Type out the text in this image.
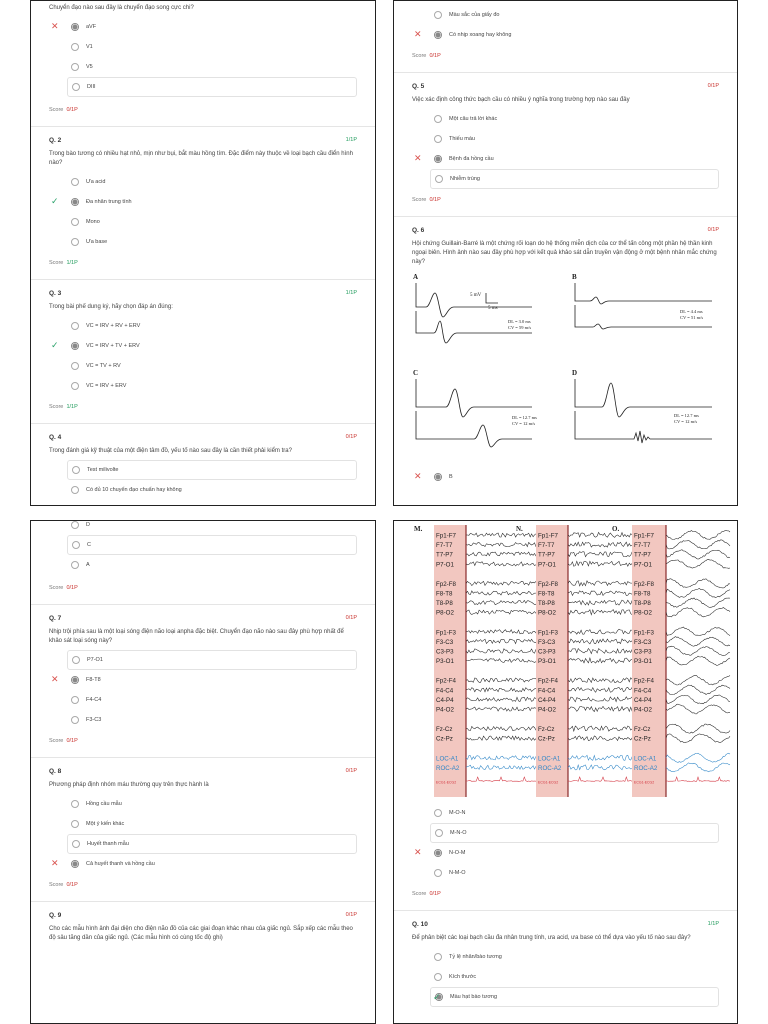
Chuyển đạo nào sau đây là chuyển đạo song cực chi?
✕	aVF
V1
V5
DIII
Score 0/1P
Q. 2	1/1P
Trong bào tương có nhiều hạt nhỏ, mịn như bụi, bắt màu hồng tím. Đặc điểm này thuộc về loại bạch cầu điển hình nào?
Ưa acid
✓	Đa nhân trung tính
Mono
Ưa base
Score 1/1P
Q. 3	1/1P
Trong bài phế dung ký, hãy chọn đáp án đúng:
VC = IRV + RV + ERV
✓	VC = IRV + TV + ERV
VC = TV + RV
VC = IRV + ERV
Score 1/1P
Q. 4	0/1P
Trong đánh giá kỹ thuật của một điện tâm đồ, yếu tố nào sau đây là cần thiết phải kiểm tra?
Test milivolte
Có đủ 10 chuyển đạo chuẩn hay không
Màu sắc của giấy đo
✕	Có nhịp xoang hay không
Score 0/1P
Q. 5	0/1P
Việc xác định công thức bạch cầu có nhiều ý nghĩa trong trường hợp nào sau đây
Một câu trả lời khác
Thiếu máu
✕	Bệnh đa hồng cầu
Nhiễm trùng
Score 0/1P
Q. 6	0/1P
Hội chứng Guillain-Barré là một chứng rối loạn do hệ thống miễn dịch của cơ thể tấn công một phần hệ thần kinh ngoại biên. Hình ảnh nào sau đây phù hợp với kết quả khảo sát dẫn truyền vận động ở một bệnh nhân mắc chứng này?
A	B
C	D
5 mV
5 ms
DL = 3.0 ms
CV = 59 m/s
DL = 4.4 ms
CV = 51 m/s
DL = 12.7 ms
CV = 12 m/s
DL = 12.7 ms
CV = 12 m/s
✕	B
D
C
A
Score 0/1P
Q. 7	0/1P
Nhịp trội phía sau là một loại sóng điện não loại anpha đặc biệt. Chuyển đạo não nào sau đây phù hợp nhất để khảo sát loại sóng này?
P7-O1
✕	F8-T8
F4-C4
F3-C3
Score 0/1P
Q. 8	0/1P
Phương pháp định nhóm máu thường quy trên thực hành là
Hồng cầu mẫu
Một ý kiến khác
Huyết thanh mẫu
✕	Cả huyết thanh và hồng cầu
Score 0/1P
Q. 9	0/1P
Cho các mẫu hình ảnh đại diện cho điện não đồ của các giai đoạn khác nhau của giấc ngủ. Sắp xếp các mẫu theo độ sâu tăng dần của giấc ngủ. (Các mẫu hình có cùng tốc độ ghi)
M.
Fp1-F7
F7-T7
T7-P7
P7-O1
Fp2-F8
F8-T8
T8-P8
P8-O2
Fp1-F3
F3-C3
C3-P3
P3-O1
Fp2-F4
F4-C4
C4-P4
P4-O2
Fz-Cz
Cz-Pz
LOC-A1
ROC-A2
ECG1-ECG2
N.
Fp1-F7
F7-T7
T7-P7
P7-O1
Fp2-F8
F8-T8
T8-P8
P8-O2
Fp1-F3
F3-C3
C3-P3
P3-O1
Fp2-F4
F4-C4
C4-P4
P4-O2
Fz-Cz
Cz-Pz
LOC-A1
ROC-A2
ECG1-ECG2
O.
Fp1-F7
F7-T7
T7-P7
P7-O1
Fp2-F8
F8-T8
T8-P8
P8-O2
Fp1-F3
F3-C3
C3-P3
P3-O1
Fp2-F4
F4-C4
C4-P4
P4-O2
Fz-Cz
Cz-Pz
LOC-A1
ROC-A2
ECG1-ECG2
M-O-N
M-N-O
✕	N-O-M
N-M-O
Score 0/1P
Q. 10	1/1P
Để phân biệt các loại bạch cầu đa nhân trung tính, ưa acid, ưa base có thể dựa vào yếu tố nào sau đây?
Tỷ lệ nhân/bào tương
Kích thước
✓ Màu hạt bào tương
